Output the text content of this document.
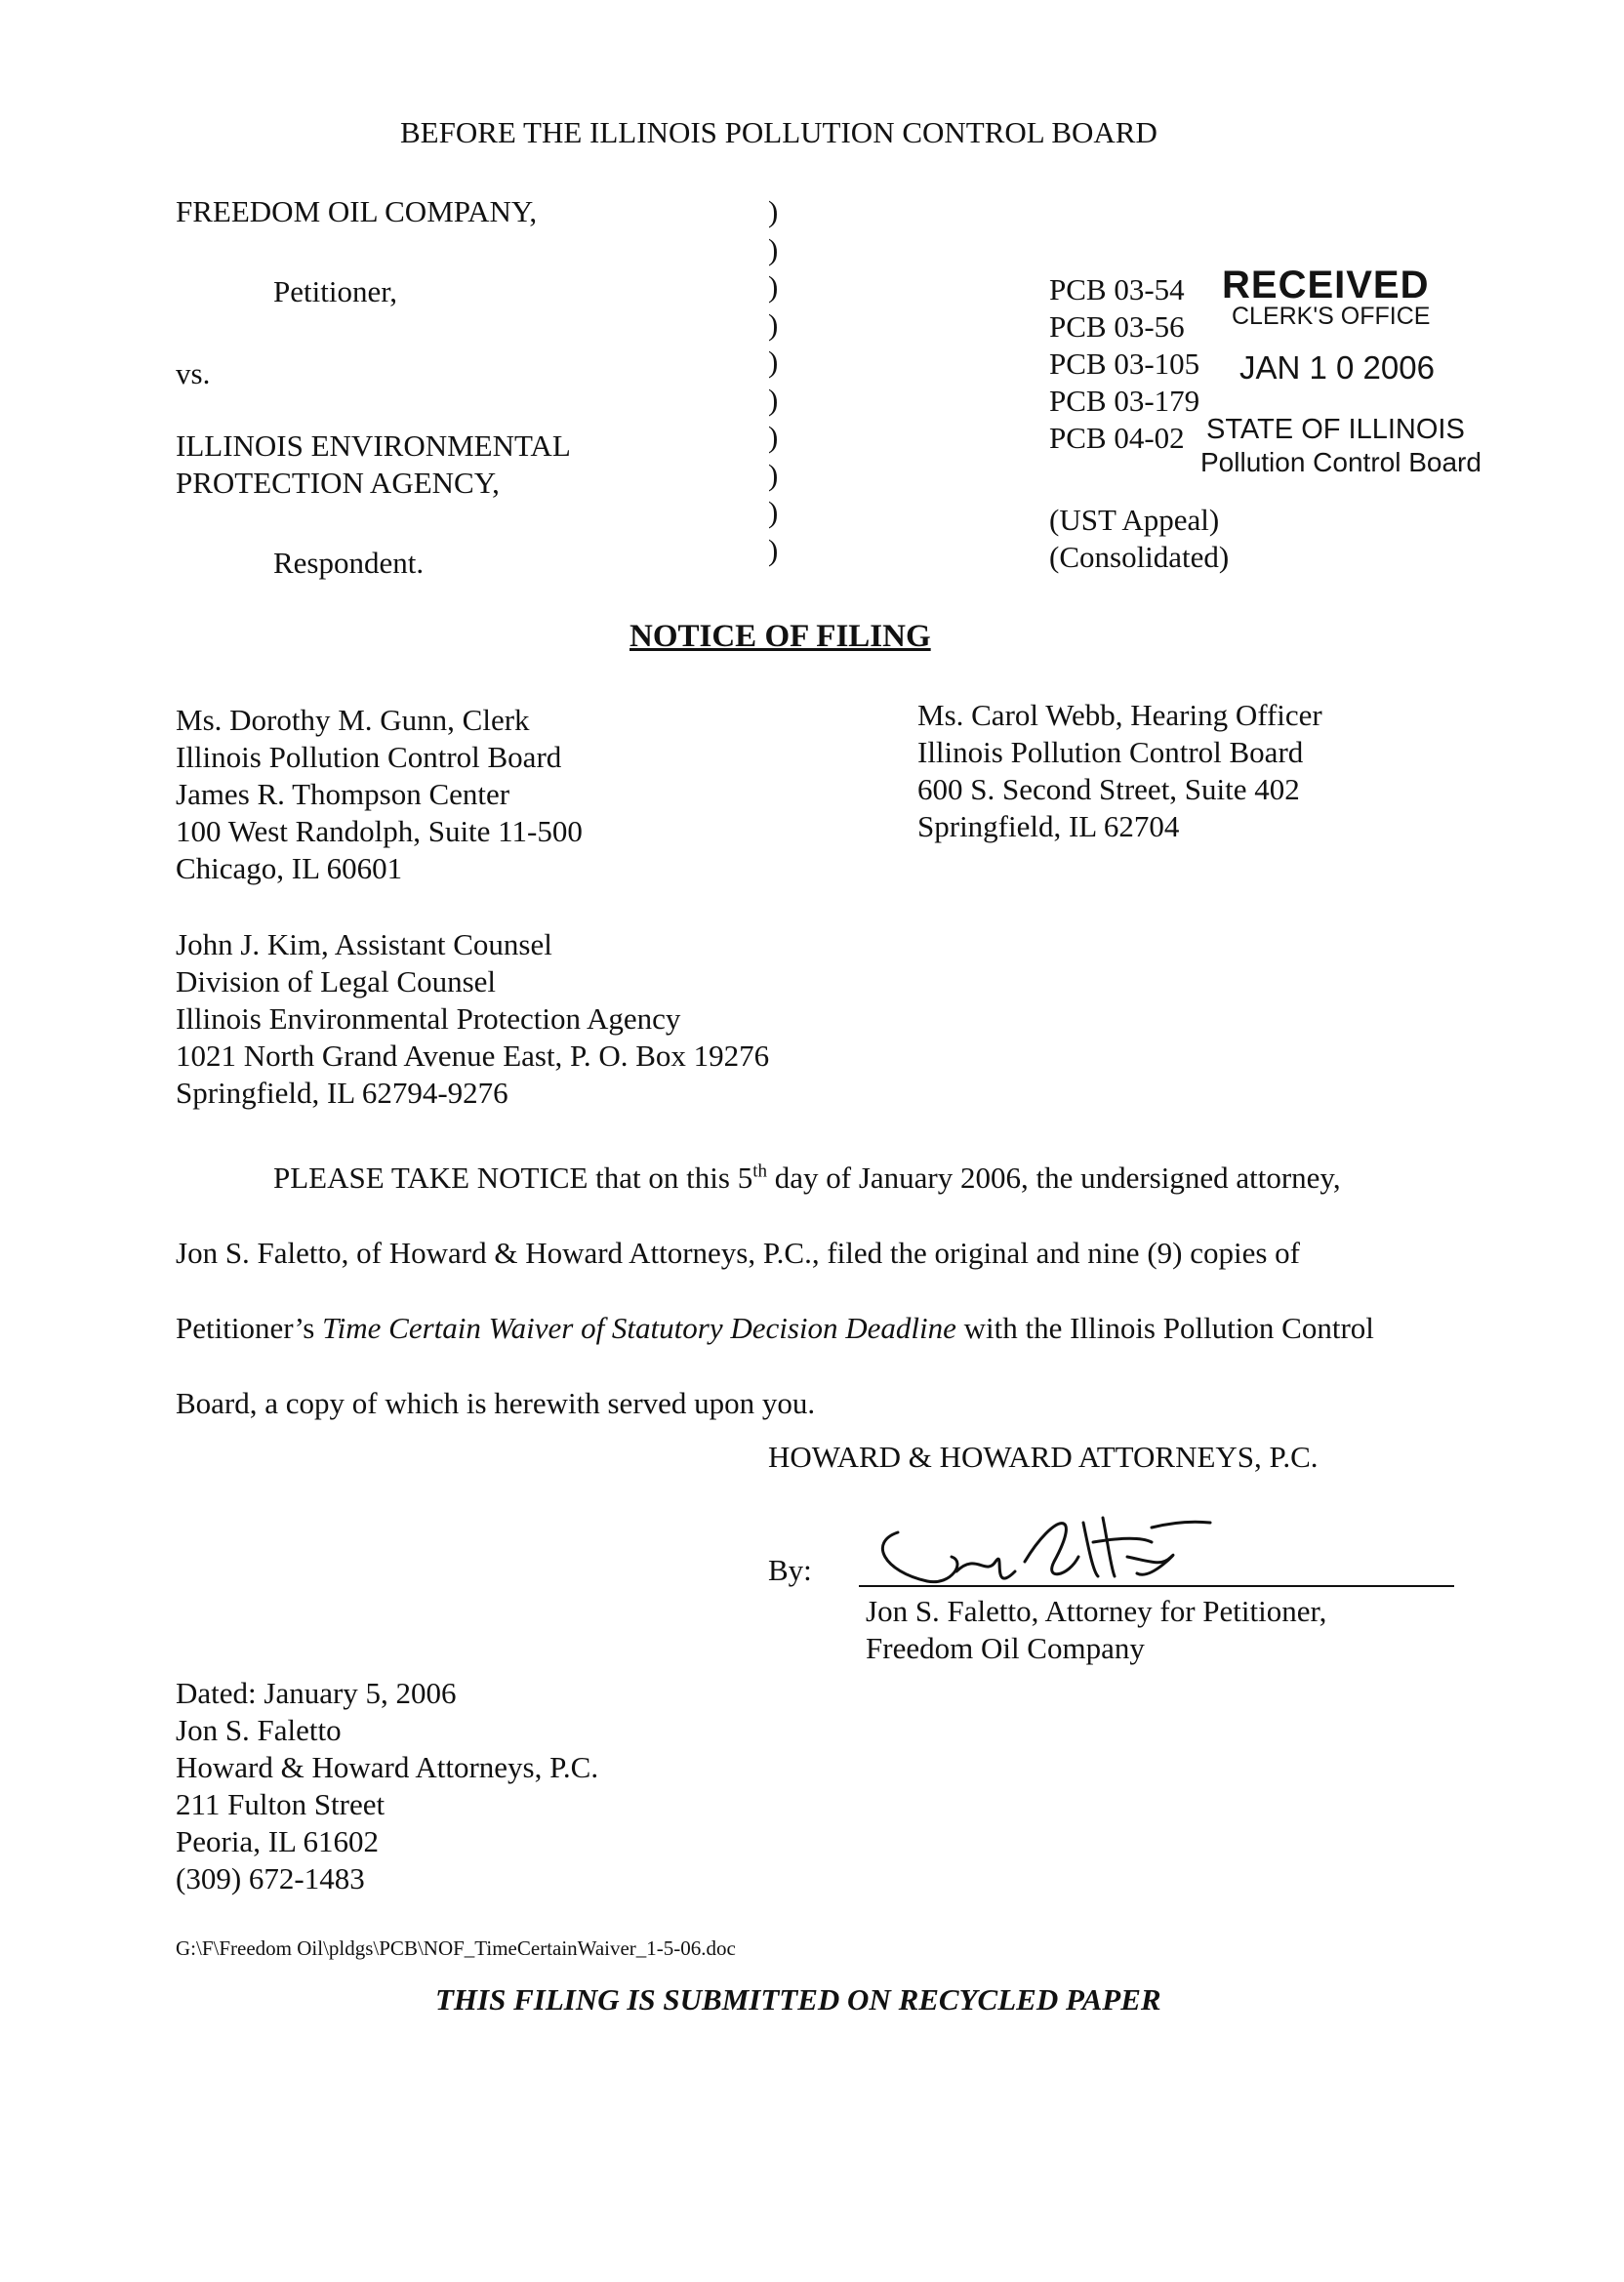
BEFORE THE ILLINOIS POLLUTION CONTROL BOARD
FREEDOM OIL COMPANY,
Petitioner,
vs.
ILLINOIS ENVIRONMENTAL
PROTECTION AGENCY,
Respondent.
)
)
)
)
)
)
)
)
)
)
PCB 03-54
PCB 03-56
PCB 03-105
PCB 03-179
PCB 04-02
(UST Appeal)
(Consolidated)
RECEIVED
CLERK'S OFFICE
JAN 1 0 2006
STATE OF ILLINOIS
Pollution Control Board
NOTICE OF FILING
Ms. Dorothy M. Gunn, Clerk
Illinois Pollution Control Board
James R. Thompson Center
100 West Randolph, Suite 11-500
Chicago, IL 60601
Ms. Carol Webb, Hearing Officer
Illinois Pollution Control Board
600 S. Second Street, Suite 402
Springfield, IL 62704
John J. Kim, Assistant Counsel
Division of Legal Counsel
Illinois Environmental Protection Agency
1021 North Grand Avenue East, P. O. Box 19276
Springfield, IL 62794-9276
PLEASE TAKE NOTICE that on this 5th day of January 2006, the undersigned attorney,
Jon S. Faletto, of Howard & Howard Attorneys, P.C., filed the original and nine (9) copies of
Petitioner’s Time Certain Waiver of Statutory Decision Deadline with the Illinois Pollution Control
Board, a copy of which is herewith served upon you.
HOWARD & HOWARD ATTORNEYS, P.C.
By:
Jon S. Faletto, Attorney for Petitioner,
Freedom Oil Company
Dated: January 5, 2006
Jon S. Faletto
Howard & Howard Attorneys, P.C.
211 Fulton Street
Peoria, IL 61602
(309) 672-1483
G:\F\Freedom Oil\pldgs\PCB\NOF_TimeCertainWaiver_1-5-06.doc
THIS FILING IS SUBMITTED ON RECYCLED PAPER
